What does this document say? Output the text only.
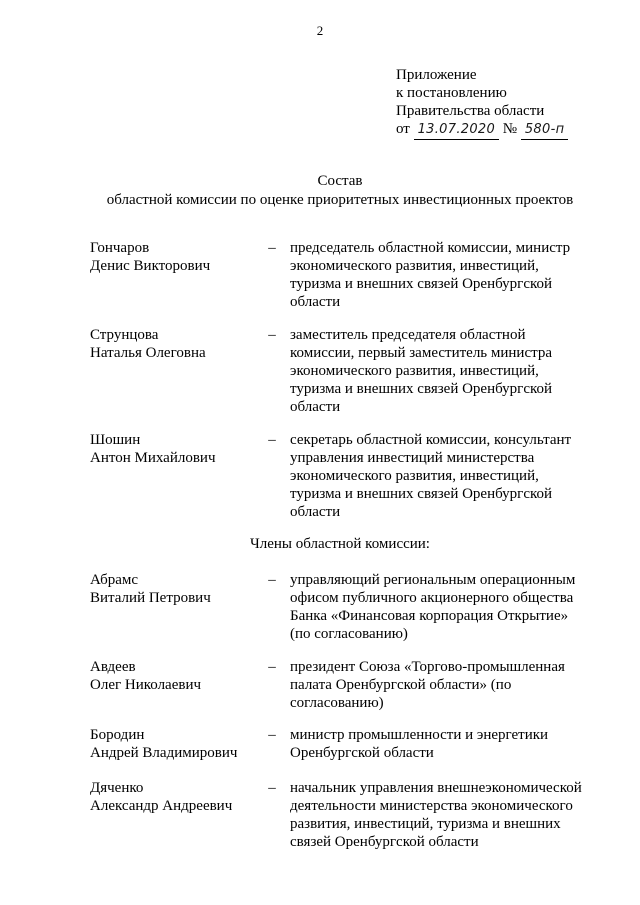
2
Приложение
к постановлению
Правительства области
от 13.07.2020 № 580-п
Состав
областной комиссии по оценке приоритетных инвестиционных проектов
Гончаров
Денис Викторович
– председатель областной комиссии, министр экономического развития, инвестиций, туризма и внешних связей Оренбургской области
Струнцова
Наталья Олеговна
– заместитель председателя областной комиссии, первый заместитель министра экономического развития, инвестиций, туризма и внешних связей Оренбургской области
Шошин
Антон Михайлович
– секретарь областной комиссии, консультант управления инвестиций министерства экономического развития, инвестиций, туризма и внешних связей Оренбургской области
Абрамс
Виталий Петрович
– управляющий региональным операционным офисом публичного акционерного общества Банка «Финансовая корпорация Открытие» (по согласованию)
Авдеев
Олег Николаевич
– президент Союза «Торгово-промышленная палата Оренбургской области» (по согласованию)
Бородин
Андрей Владимирович
– министр промышленности и энергетики Оренбургской области
Дяченко
Александр Андреевич
– начальник управления внешнеэкономической деятельности министерства экономического развития, инвестиций, туризма и внешних связей Оренбургской области
Члены областной комиссии:
